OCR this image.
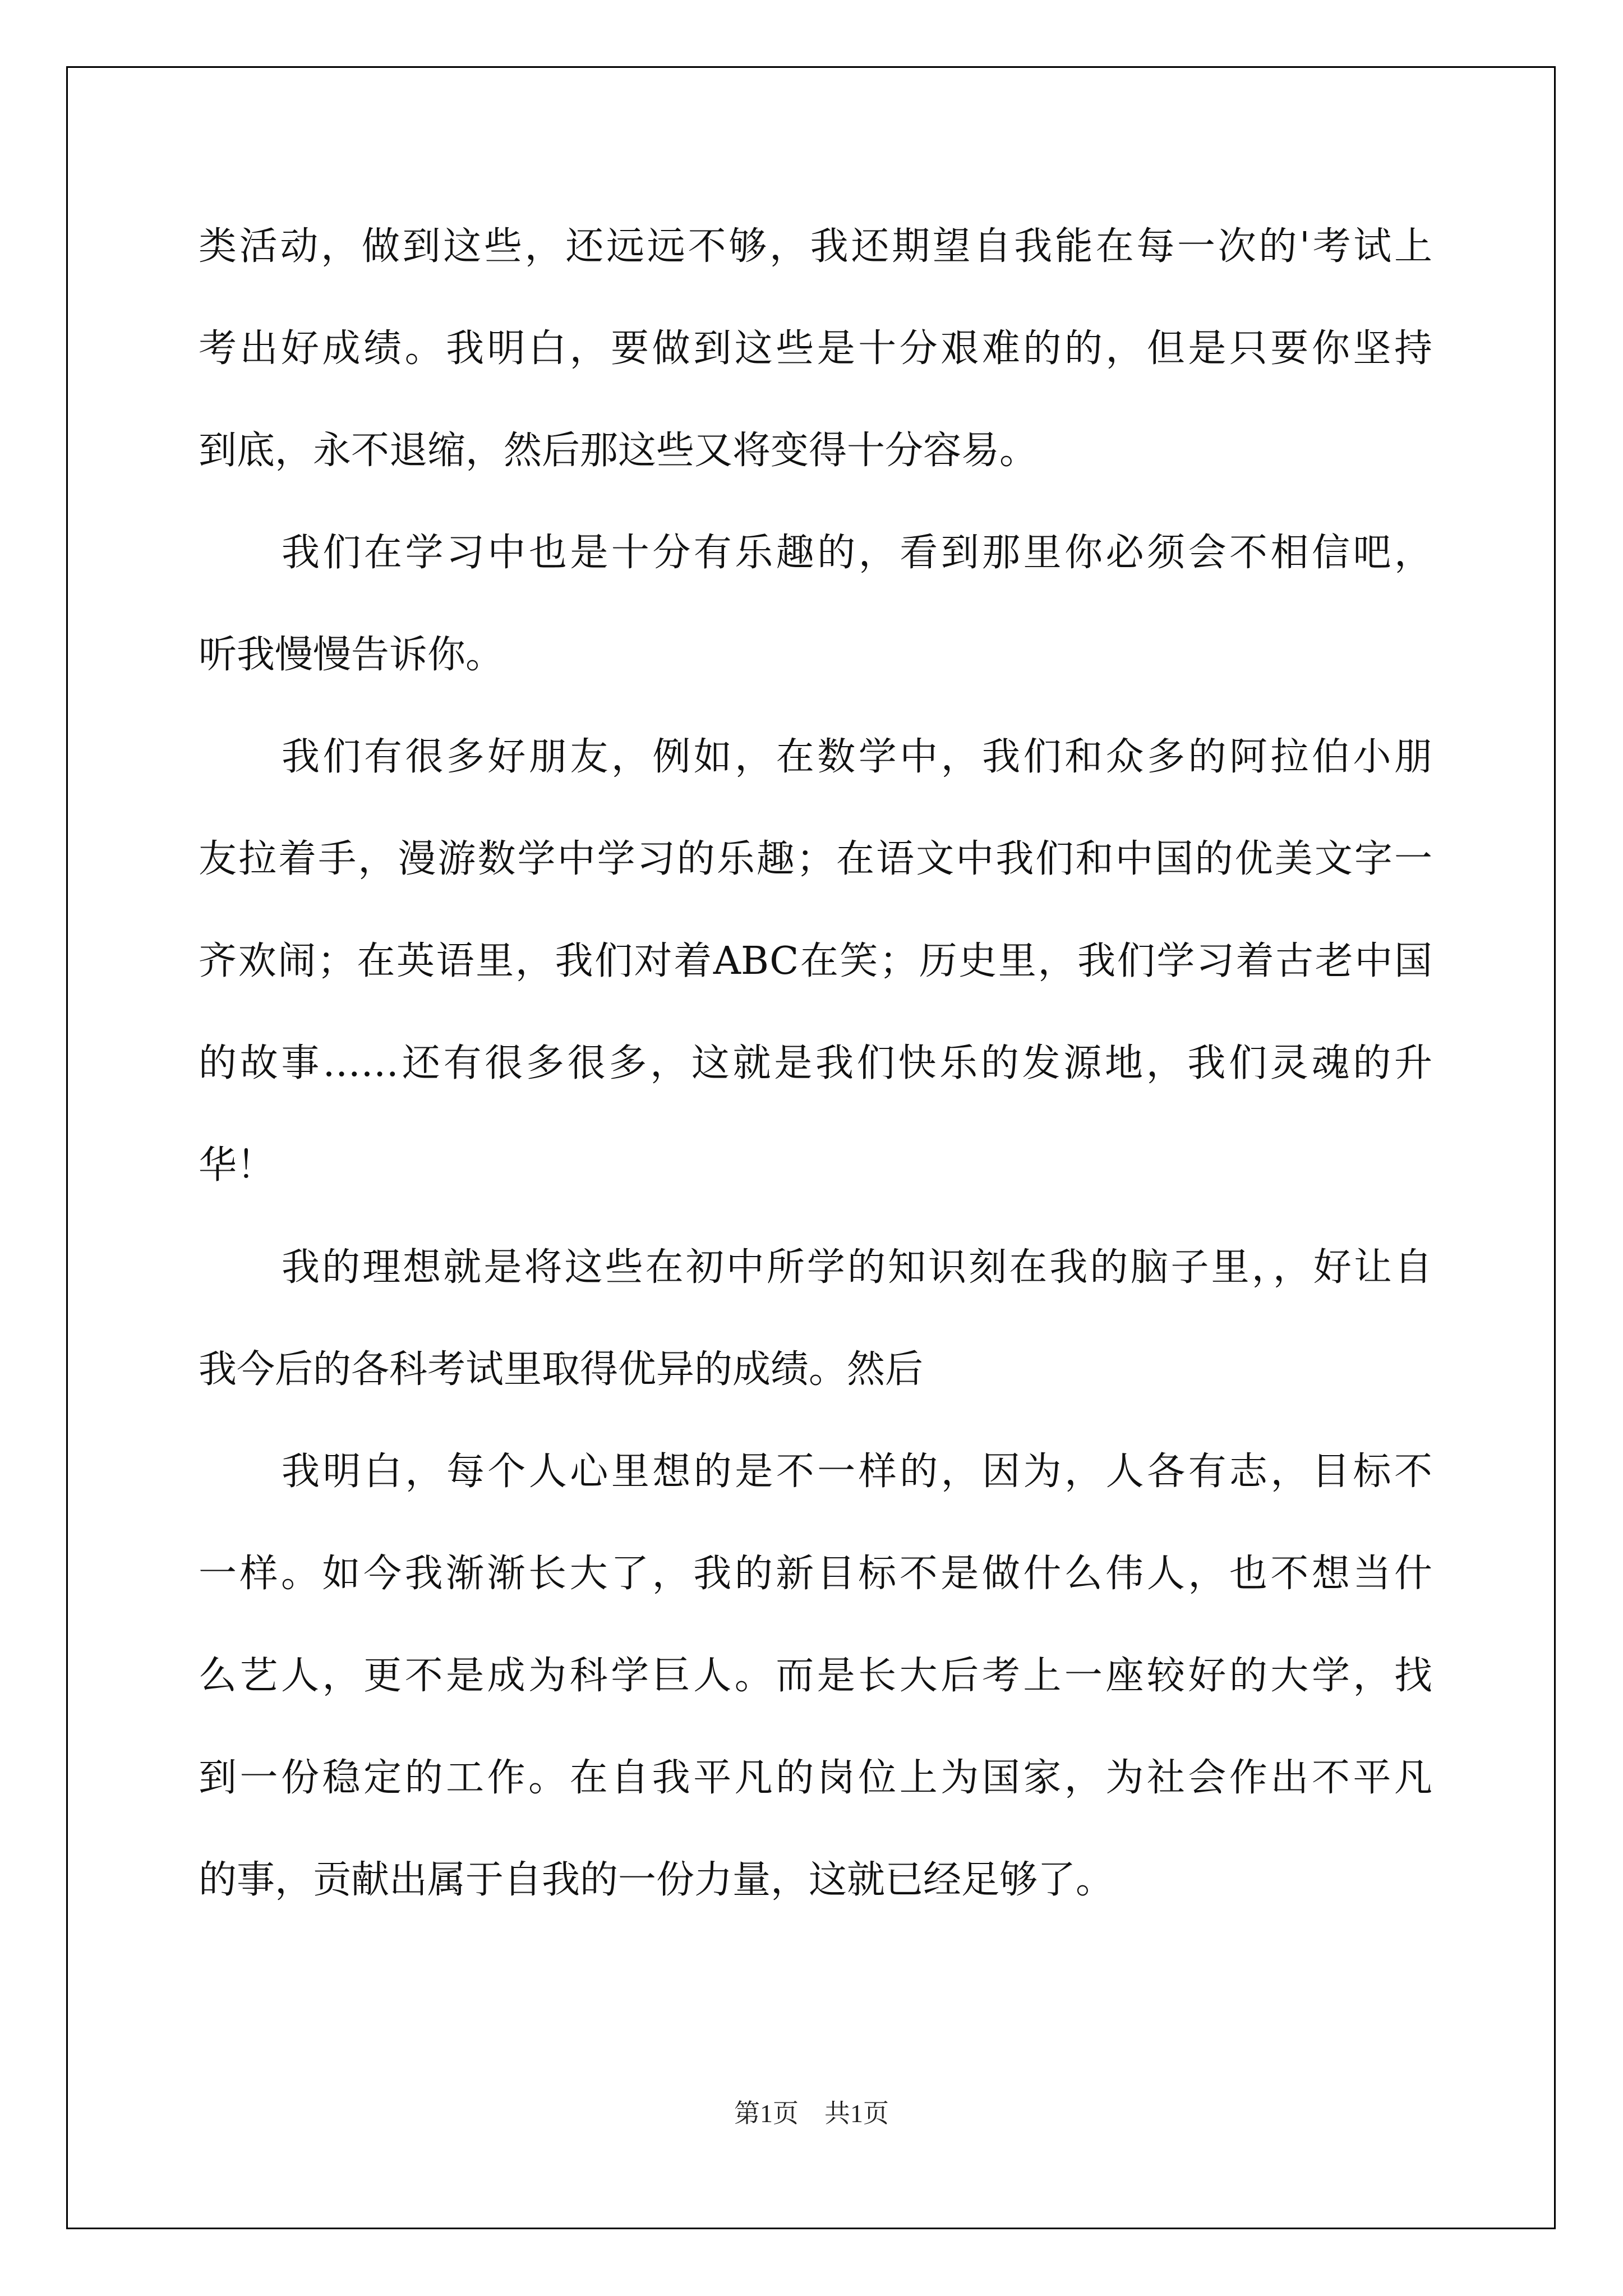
类活动，做到这些，还远远不够，我还期望自我能在每一次的'考试上
考出好成绩。我明白，要做到这些是十分艰难的的，但是只要你坚持
到底，永不退缩，然后那这些又将变得十分容易。
我们在学习中也是十分有乐趣的，看到那里你必须会不相信吧，
听我慢慢告诉你。
我们有很多好朋友，例如，在数学中，我们和众多的阿拉伯小朋
友拉着手，漫游数学中学习的乐趣；在语文中我们和中国的优美文字一
齐欢闹；在英语里，我们对着ABC在笑；历史里，我们学习着古老中国
的故事……还有很多很多，这就是我们快乐的发源地，我们灵魂的升
华！
我的理想就是将这些在初中所学的知识刻在我的脑子里，，好让自
我今后的各科考试里取得优异的成绩。然后
我明白，每个人心里想的是不一样的，因为，人各有志，目标不
一样。如今我渐渐长大了，我的新目标不是做什么伟人，也不想当什
么艺人，更不是成为科学巨人。而是长大后考上一座较好的大学，找
到一份稳定的工作。在自我平凡的岗位上为国家，为社会作出不平凡
的事，贡献出属于自我的一份力量，这就已经足够了。
第1页　共1页
